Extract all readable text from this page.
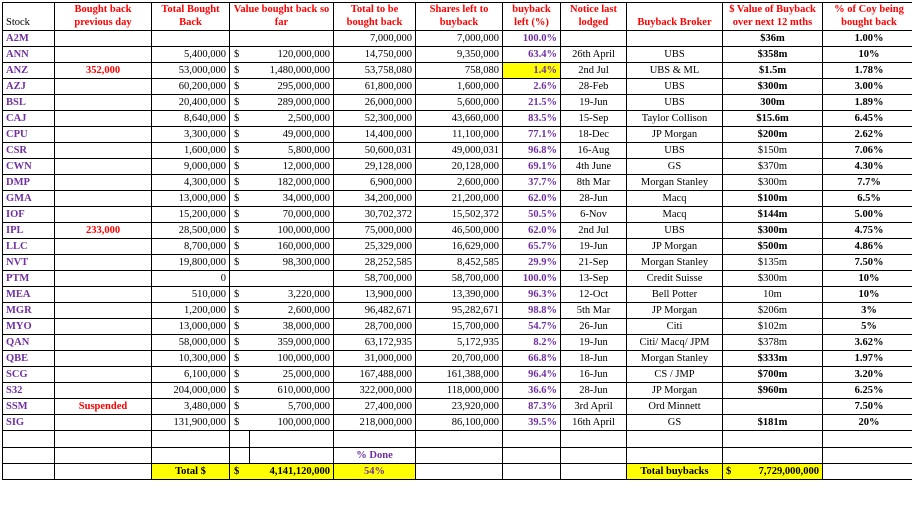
Stock	Bought back previous day	Total Bought Back	Value bought back so far		Total to be bought back	Shares left to buyback	buyback left (%)	Notice last lodged	Buyback Broker	$ Value of Buyback over next 12 mths	% of Coy being bought back
A2M					7,000,000	7,000,000	100.0%			$36m	1.00%
ANN		5,400,000	$	120,000,000	14,750,000	9,350,000	63.4%	26th April	UBS	$358m	10%
ANZ	352,000	53,000,000	$	1,480,000,000	53,758,080	758,080	1.4%	2nd Jul	UBS & ML	$1.5m	1.78%
AZJ		60,200,000	$	295,000,000	61,800,000	1,600,000	2.6%	28-Feb	UBS	$300m	3.00%
BSL		20,400,000	$	289,000,000	26,000,000	5,600,000	21.5%	19-Jun	UBS	300m	1.89%
CAJ		8,640,000	$	2,500,000	52,300,000	43,660,000	83.5%	15-Sep	Taylor Collison	$15.6m	6.45%
CPU		3,300,000	$	49,000,000	14,400,000	11,100,000	77.1%	18-Dec	JP Morgan	$200m	2.62%
CSR		1,600,000	$	5,800,000	50,600,031	49,000,031	96.8%	16-Aug	UBS	$150m	7.06%
CWN		9,000,000	$	12,000,000	29,128,000	20,128,000	69.1%	4th June	GS	$370m	4.30%
DMP		4,300,000	$	182,000,000	6,900,000	2,600,000	37.7%	8th Mar	Morgan Stanley	$300m	7.7%
GMA		13,000,000	$	34,000,000	34,200,000	21,200,000	62.0%	28-Jun	Macq	$100m	6.5%
IOF		15,200,000	$	70,000,000	30,702,372	15,502,372	50.5%	6-Nov	Macq	$144m	5.00%
IPL	233,000	28,500,000	$	100,000,000	75,000,000	46,500,000	62.0%	2nd Jul	UBS	$300m	4.75%
LLC		8,700,000	$	160,000,000	25,329,000	16,629,000	65.7%	19-Jun	JP Morgan	$500m	4.86%
NVT		19,800,000	$	98,300,000	28,252,585	8,452,585	29.9%	21-Sep	Morgan Stanley	$135m	7.50%
PTM		0			58,700,000	58,700,000	100.0%	13-Sep	Credit Suisse	$300m	10%
MEA		510,000	$	3,220,000	13,900,000	13,390,000	96.3%	12-Oct	Bell Potter	10m	10%
MGR		1,200,000	$	2,600,000	96,482,671	95,282,671	98.8%	5th Mar	JP Morgan	$206m	3%
MYO		13,000,000	$	38,000,000	28,700,000	15,700,000	54.7%	26-Jun	Citi	$102m	5%
QAN		58,000,000	$	359,000,000	63,172,935	5,172,935	8.2%	19-Jun	Citi/ Macq/ JPM	$378m	3.62%
QBE		10,300,000	$	100,000,000	31,000,000	20,700,000	66.8%	18-Jun	Morgan Stanley	$333m	1.97%
SCG		6,100,000	$	25,000,000	167,488,000	161,388,000	96.4%	16-Jun	CS / JMP	$700m	3.20%
S32		204,000,000	$	610,000,000	322,000,000	118,000,000	36.6%	28-Jun	JP Morgan	$960m	6.25%
SSM	Suspended	3,480,000	$	5,700,000	27,400,000	23,920,000	87.3%	3rd April	Ord Minnett		7.50%
SIG		131,900,000	$	100,000,000	218,000,000	86,100,000	39.5%	16th April	GS	$181m	20%

					% Done						
		Total $	$	4,141,120,000	54%				Total buybacks	$ 7,729,000,000	
